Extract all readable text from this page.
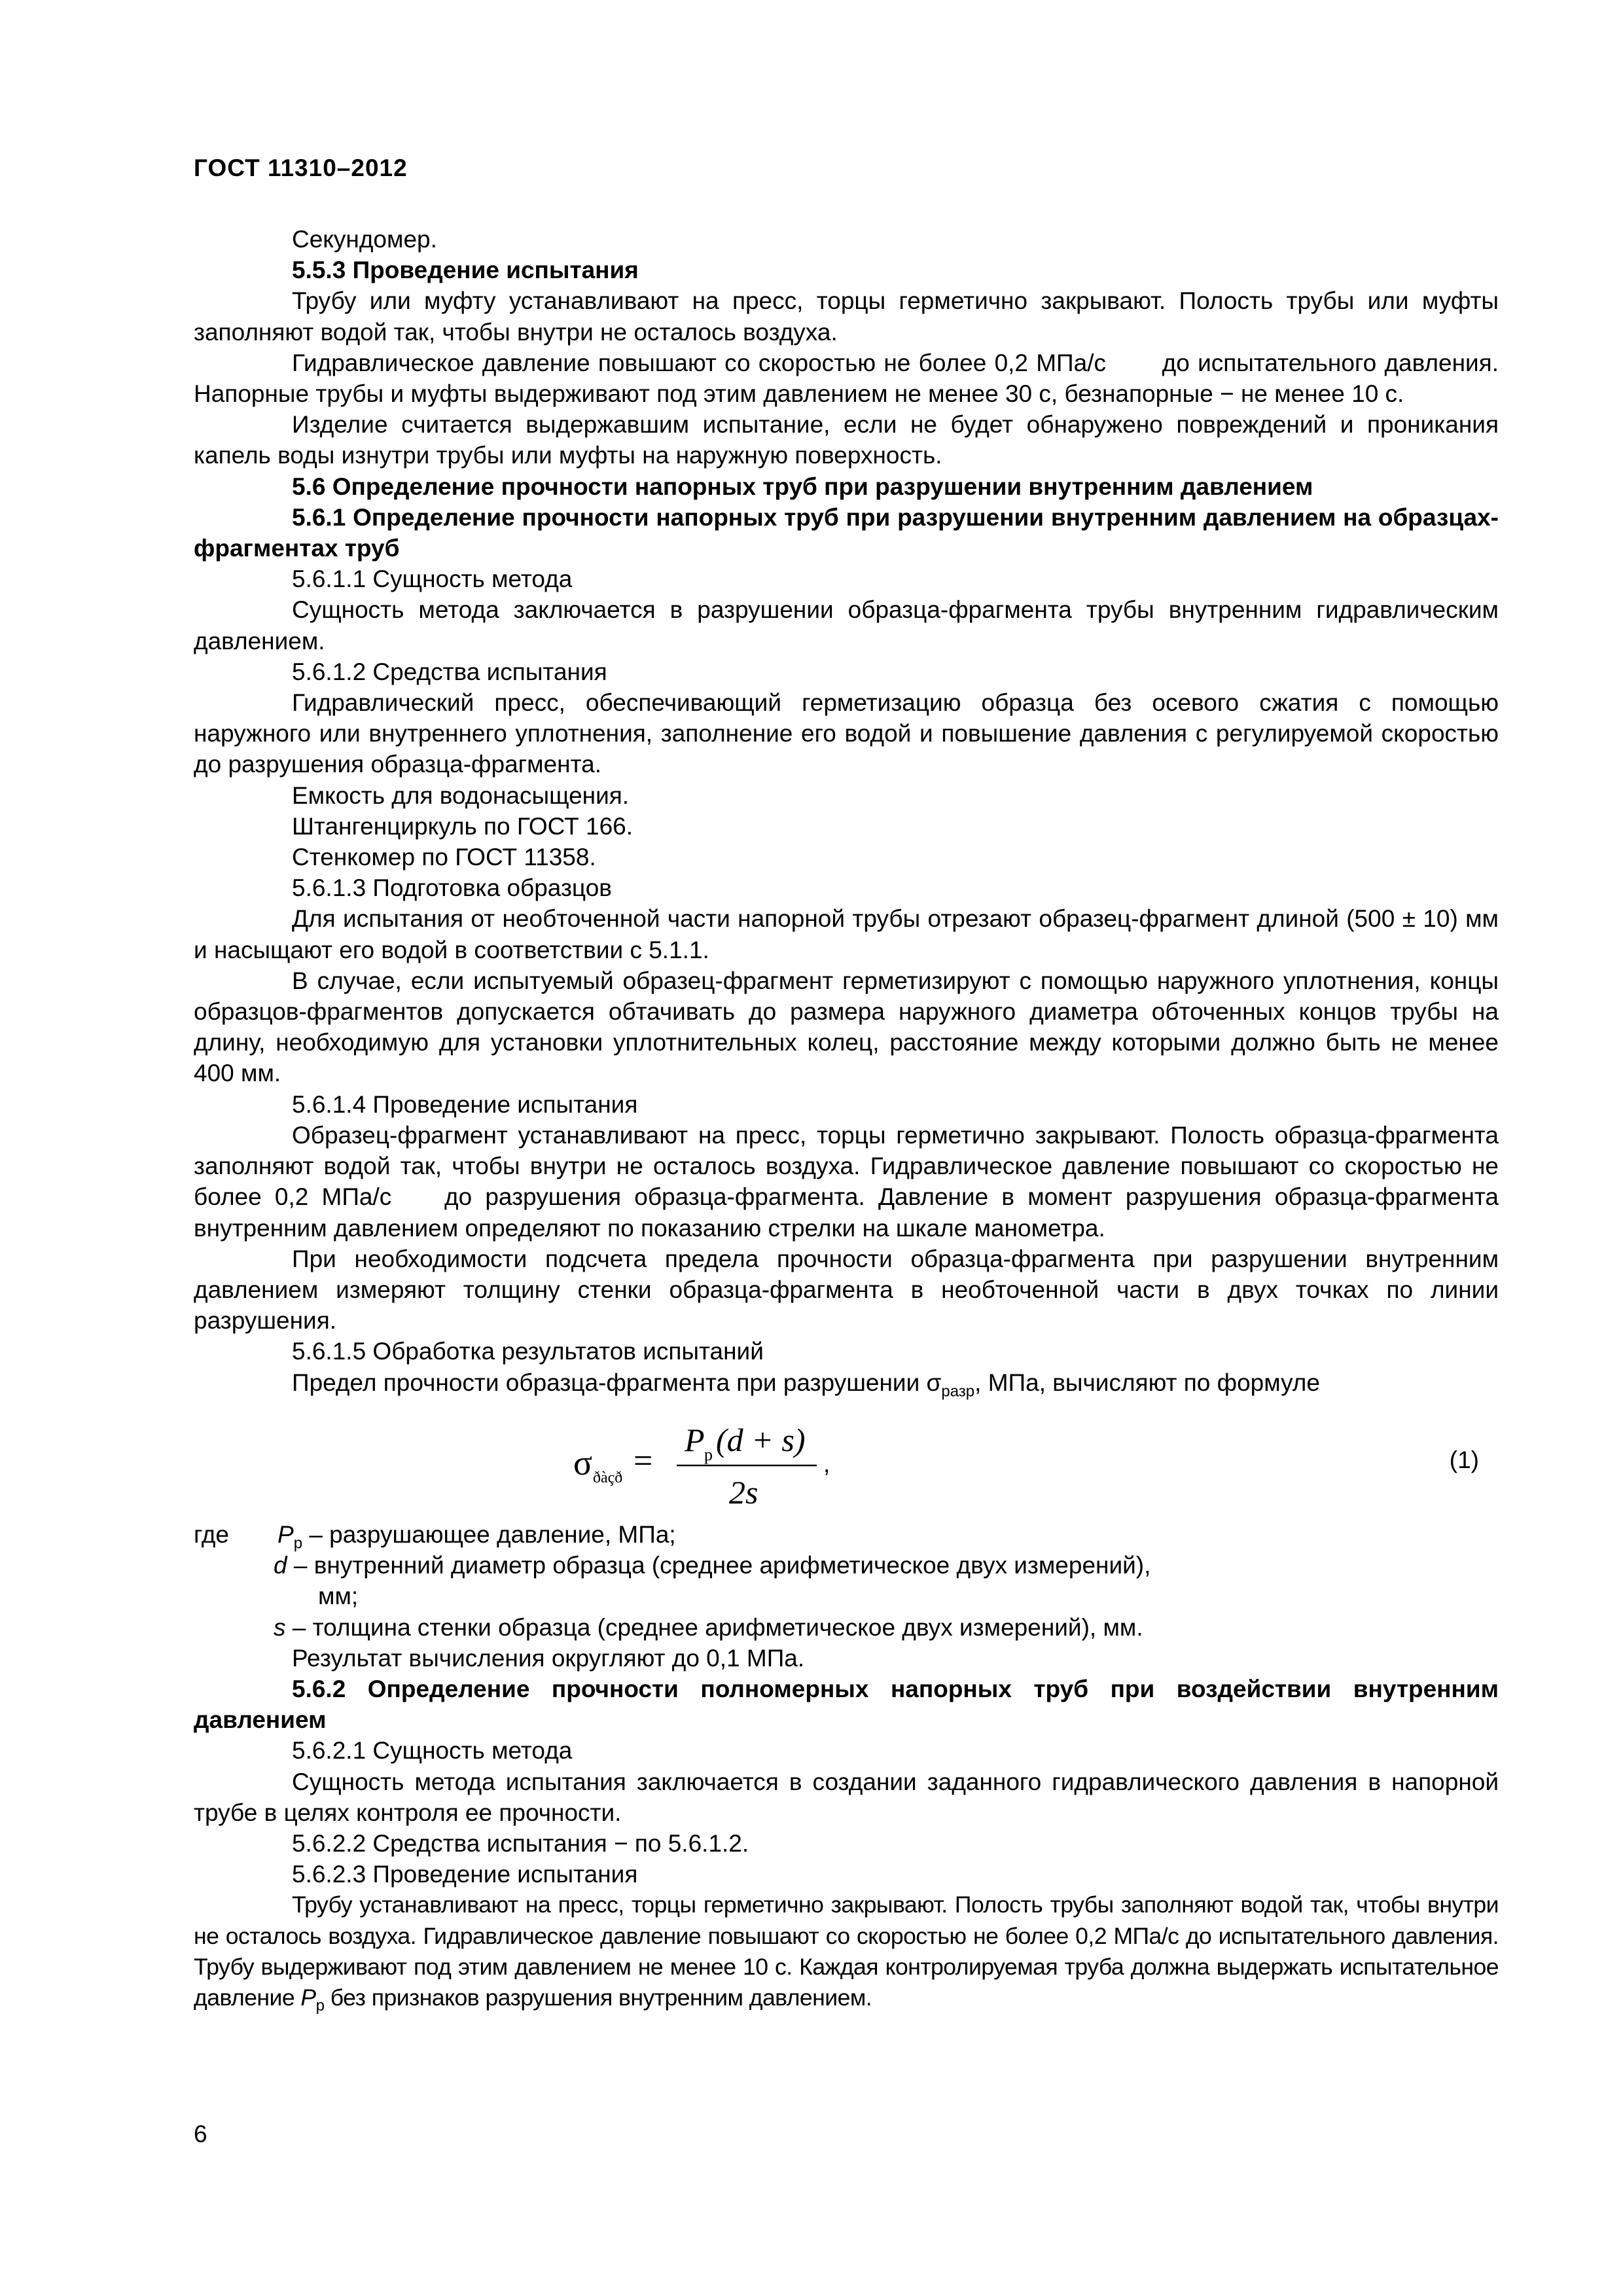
ГОСТ 11310–2012

Секундомер.

5.5.3 Проведение испытания

Трубу или муфту устанавливают на пресс, торцы герметично закрывают. Полость трубы или муфты заполняют водой так, чтобы внутри не осталось воздуха.

Гидравлическое давление повышают со скоростью не более 0,2 МПа/с       до испытательного давления. Напорные трубы и муфты выдерживают под этим давлением не менее 30 с, безнапорные − не менее 10 с.

Изделие считается выдержавшим испытание, если не будет обнаружено повреждений и проникания капель воды изнутри трубы или муфты на наружную поверхность.

5.6 Определение прочности напорных труб при разрушении внутренним давлением

5.6.1 Определение прочности напорных труб при разрушении внутренним давлением на образцах-фрагментах труб

5.6.1.1 Сущность метода

Сущность метода заключается в разрушении образца-фрагмента трубы внутренним гидравлическим давлением.

5.6.1.2 Средства испытания

Гидравлический пресс, обеспечивающий герметизацию образца без осевого сжатия с помощью наружного или внутреннего уплотнения, заполнение его водой и повышение давления с регулируемой скоростью до разрушения образца-фрагмента.

Емкость для водонасыщения.

Штангенциркуль по ГОСТ 166.

Стенкомер по ГОСТ 11358.

5.6.1.3 Подготовка образцов

Для испытания от необточенной части напорной трубы отрезают образец-фрагмент длиной (500 ± 10) мм и насыщают его водой в соответствии с 5.1.1.

В случае, если испытуемый образец-фрагмент герметизируют с помощью наружного уплотнения, концы образцов-фрагментов допускается обтачивать до размера наружного диаметра обточенных концов трубы на длину, необходимую для установки уплотнительных колец, расстояние между которыми должно быть не менее 400 мм.

5.6.1.4 Проведение испытания

Образец-фрагмент устанавливают на пресс, торцы герметично закрывают. Полость образца-фрагмента заполняют водой так, чтобы внутри не осталось воздуха. Гидравлическое давление повышают со скоростью не более 0,2 МПа/с    до разрушения образца-фрагмента. Давление в момент разрушения образца-фрагмента внутренним давлением определяют по показанию стрелки на шкале манометра.

При необходимости подсчета предела прочности образца-фрагмента при разрушении внутренним давлением измеряют толщину стенки образца-фрагмента в необточенной части в двух точках по линии разрушения.

5.6.1.5 Обработка результатов испытаний

Предел прочности образца-фрагмента при разрушении $\sigma_{разр}$, МПа, вычисляют по формуле

σ ðàçð =
P р (d + s)
2s
,	(1)
где $P_р$ – разрушающее давление, МПа;

d – внутренний диаметр образца (среднее арифметическое двух измерений),

мм;

s – толщина стенки образца (среднее арифметическое двух измерений), мм.

Результат вычисления округляют до 0,1 МПа.

5.6.2 Определение прочности полномерных напорных труб при воздействии внутренним давлением

5.6.2.1 Сущность метода

Сущность метода испытания заключается в создании заданного гидравлического давления в напорной трубе в целях контроля ее прочности.

5.6.2.2 Средства испытания − по 5.6.1.2.

5.6.2.3 Проведение испытания

Трубу устанавливают на пресс, торцы герметично закрывают. Полость трубы заполняют водой так, чтобы внутри не осталось воздуха. Гидравлическое давление повышают со скоростью не более 0,2 МПа/с до испытательного давления. Трубу выдерживают под этим давлением не менее 10 с. Каждая контролируемая труба должна выдержать испытательное давление $P_р$ без признаков разрушения внутренним давлением.

6
